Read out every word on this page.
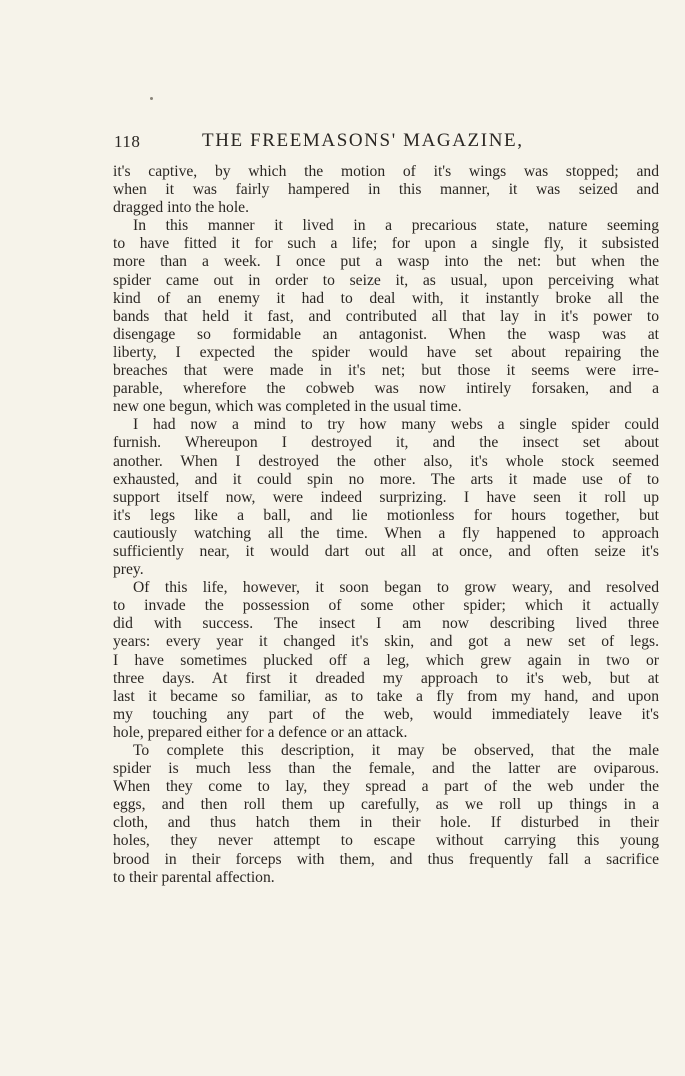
118	THE FREEMASONS' MAGAZINE,
it's captive, by which the motion of it's wings was stopped; and
when it was fairly hampered in this manner, it was seized and
dragged into the hole.
In this manner it lived in a precarious state, nature seeming
to have fitted it for such a life; for upon a single fly, it subsisted
more than a week. I once put a wasp into the net: but when the
spider came out in order to seize it, as usual, upon perceiving what
kind of an enemy it had to deal with, it instantly broke all the
bands that held it fast, and contributed all that lay in it's power to
disengage so formidable an antagonist. When the wasp was at
liberty, I expected the spider would have set about repairing the
breaches that were made in it's net; but those it seems were irre-
parable, wherefore the cobweb was now intirely forsaken, and a
new one begun, which was completed in the usual time.
I had now a mind to try how many webs a single spider could
furnish. Whereupon I destroyed it, and the insect set about
another. When I destroyed the other also, it's whole stock seemed
exhausted, and it could spin no more. The arts it made use of to
support itself now, were indeed surprizing. I have seen it roll up
it's legs like a ball, and lie motionless for hours together, but
cautiously watching all the time. When a fly happened to approach
sufficiently near, it would dart out all at once, and often seize it's
prey.
Of this life, however, it soon began to grow weary, and resolved
to invade the possession of some other spider; which it actually
did with success. The insect I am now describing lived three
years: every year it changed it's skin, and got a new set of legs.
I have sometimes plucked off a leg, which grew again in two or
three days. At first it dreaded my approach to it's web, but at
last it became so familiar, as to take a fly from my hand, and upon
my touching any part of the web, would immediately leave it's
hole, prepared either for a defence or an attack.
To complete this description, it may be observed, that the male
spider is much less than the female, and the latter are oviparous.
When they come to lay, they spread a part of the web under the
eggs, and then roll them up carefully, as we roll up things in a
cloth, and thus hatch them in their hole. If disturbed in their
holes, they never attempt to escape without carrying this young
brood in their forceps with them, and thus frequently fall a sacrifice
to their parental affection.
